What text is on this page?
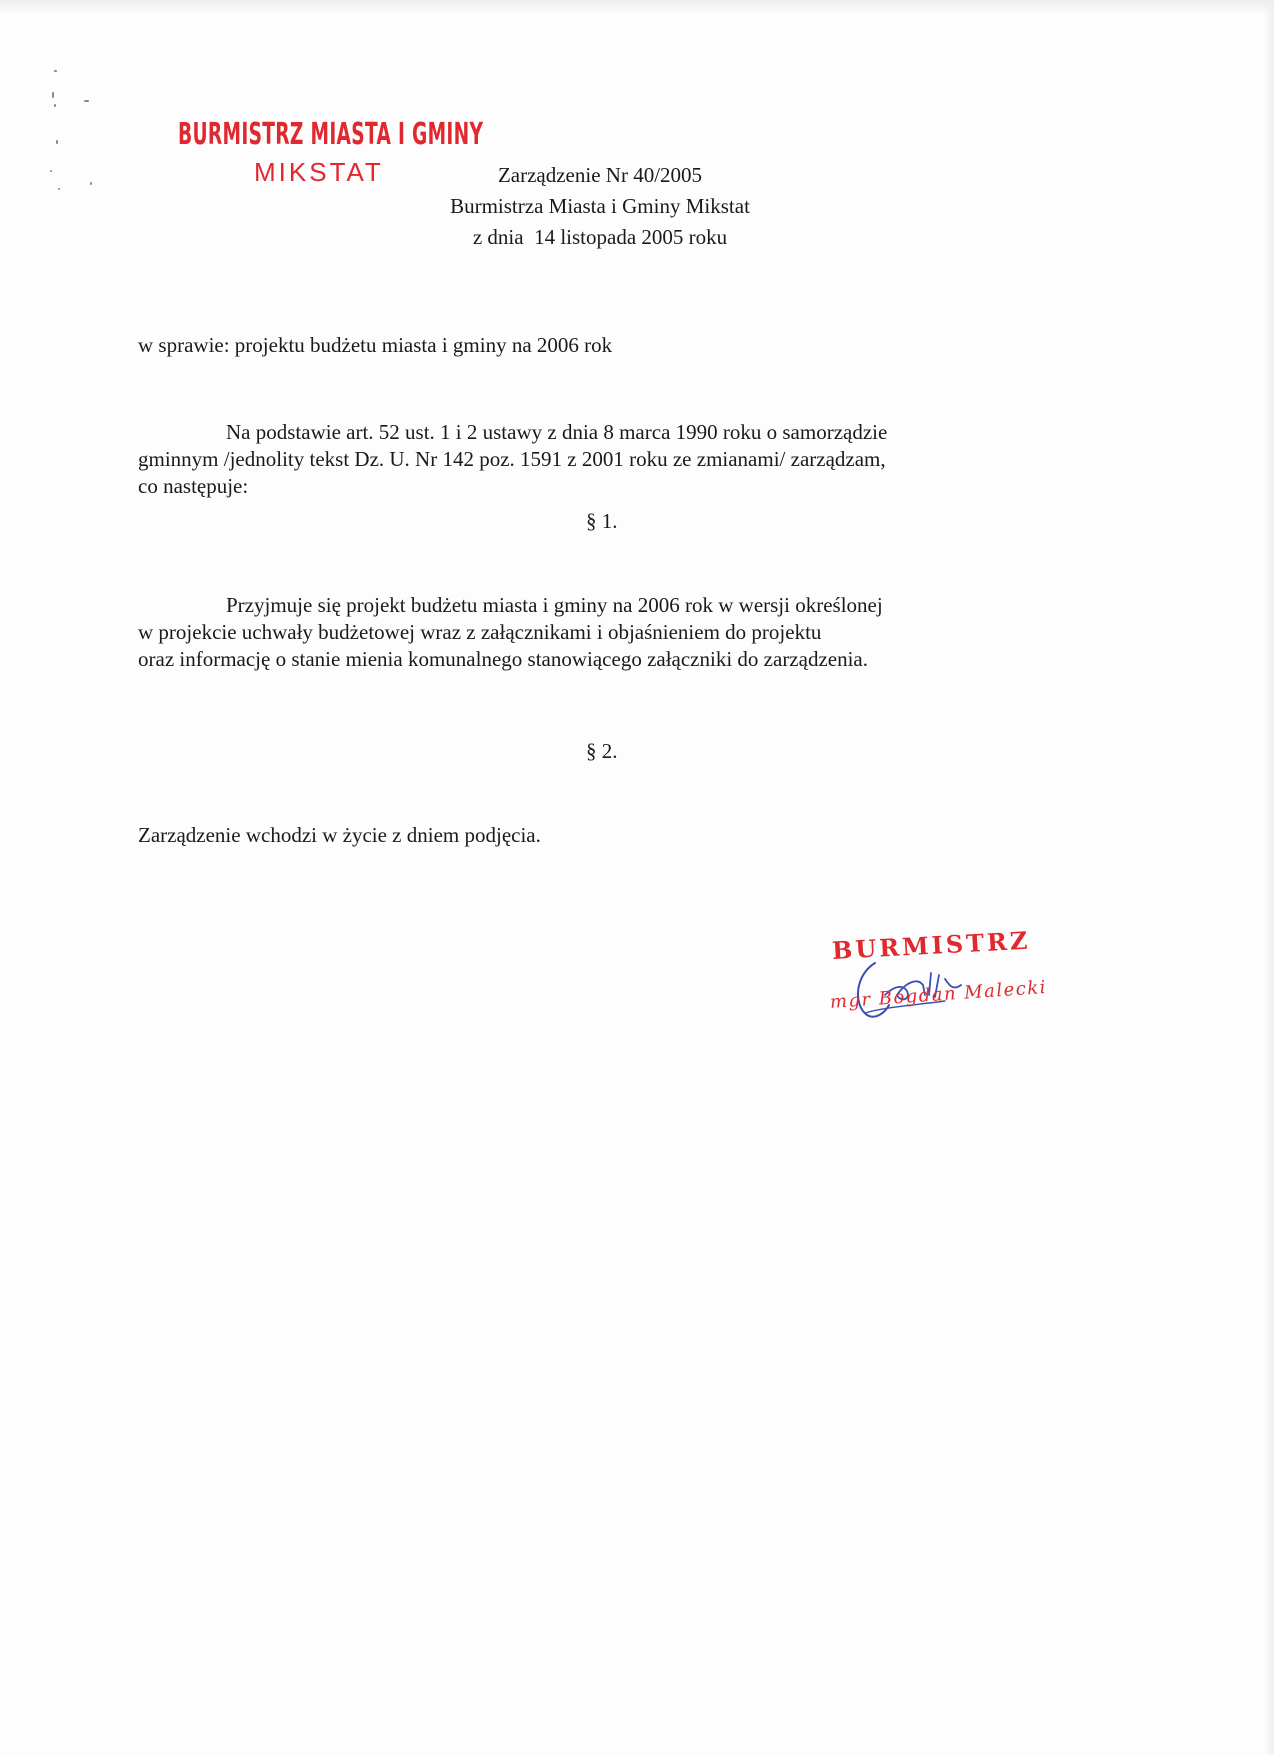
BURMISTRZ MIASTA I GMINY
MIKSTAT	Zarządzenie Nr 40/2005
Burmistrza Miasta i Gminy Mikstat
z dnia  14 listopada 2005 roku
w sprawie: projektu budżetu miasta i gminy na 2006 rok
Na podstawie art. 52 ust. 1 i 2 ustawy z dnia 8 marca 1990 roku o samorządzie
gminnym /jednolity tekst Dz. U. Nr 142 poz. 1591 z 2001 roku ze zmianami/ zarządzam,
co następuje:
§ 1.
Przyjmuje się projekt budżetu miasta i gminy na 2006 rok w wersji określonej
w projekcie uchwały budżetowej wraz z załącznikami i objaśnieniem do projektu
oraz informację o stanie mienia komunalnego stanowiącego załączniki do zarządzenia.
§ 2.
Zarządzenie wchodzi w życie z dniem podjęcia.
BURMISTRZ
mgr Bogdan Malecki
